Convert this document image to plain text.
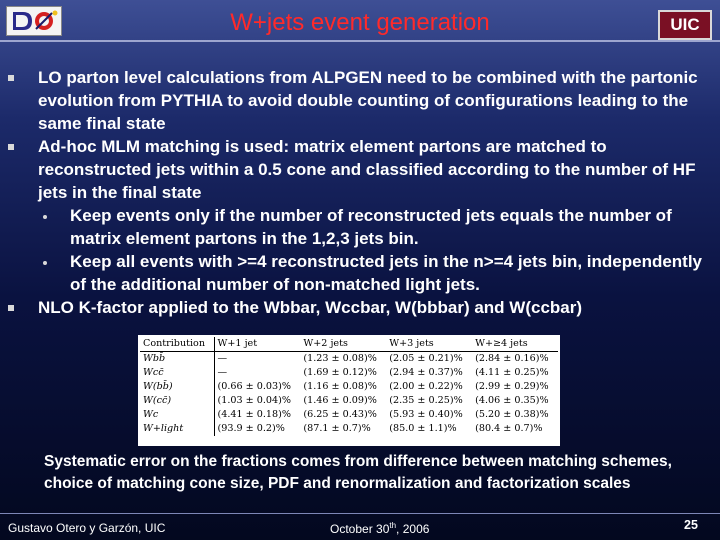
W+jets event generation	UIC
LO parton level calculations from ALPGEN need to be combined with the partonic evolution from PYTHIA to avoid double counting of configurations leading to the same final state
Ad-hoc MLM matching is used: matrix element partons are matched to reconstructed jets within a 0.5 cone and classified according to the number of HF jets in the final state
Keep events only if the number of reconstructed jets equals the number of matrix element partons in the 1,2,3 jets bin.
Keep all events with >=4 reconstructed jets in the n>=4 jets bin, independently of the additional number of non-matched light jets.
NLO K-factor applied to the Wbbar, Wccbar, W(bbbar) and W(ccbar)
Contribution	W+1 jet	W+2 jets	W+3 jets	W+≥4 jets
Wbb̄	—	(1.23 ± 0.08)%	(2.05 ± 0.21)%	(2.84 ± 0.16)%
Wcc̄	—	(1.69 ± 0.12)%	(2.94 ± 0.37)%	(4.11 ± 0.25)%
W(bb̄)	(0.66 ± 0.03)%	(1.16 ± 0.08)%	(2.00 ± 0.22)%	(2.99 ± 0.29)%
W(cc̄)	(1.03 ± 0.04)%	(1.46 ± 0.09)%	(2.35 ± 0.25)%	(4.06 ± 0.35)%
Wc	(4.41 ± 0.18)%	(6.25 ± 0.43)%	(5.93 ± 0.40)%	(5.20 ± 0.38)%
W+light	(93.9 ± 0.2)%	(87.1 ± 0.7)%	(85.0 ± 1.1)%	(80.4 ± 0.7)%
Systematic error on the fractions comes from difference between matching schemes, choice of matching cone size, PDF and renormalization and factorization scales
Gustavo Otero y Garzón, UIC	October 30th, 2006	25
